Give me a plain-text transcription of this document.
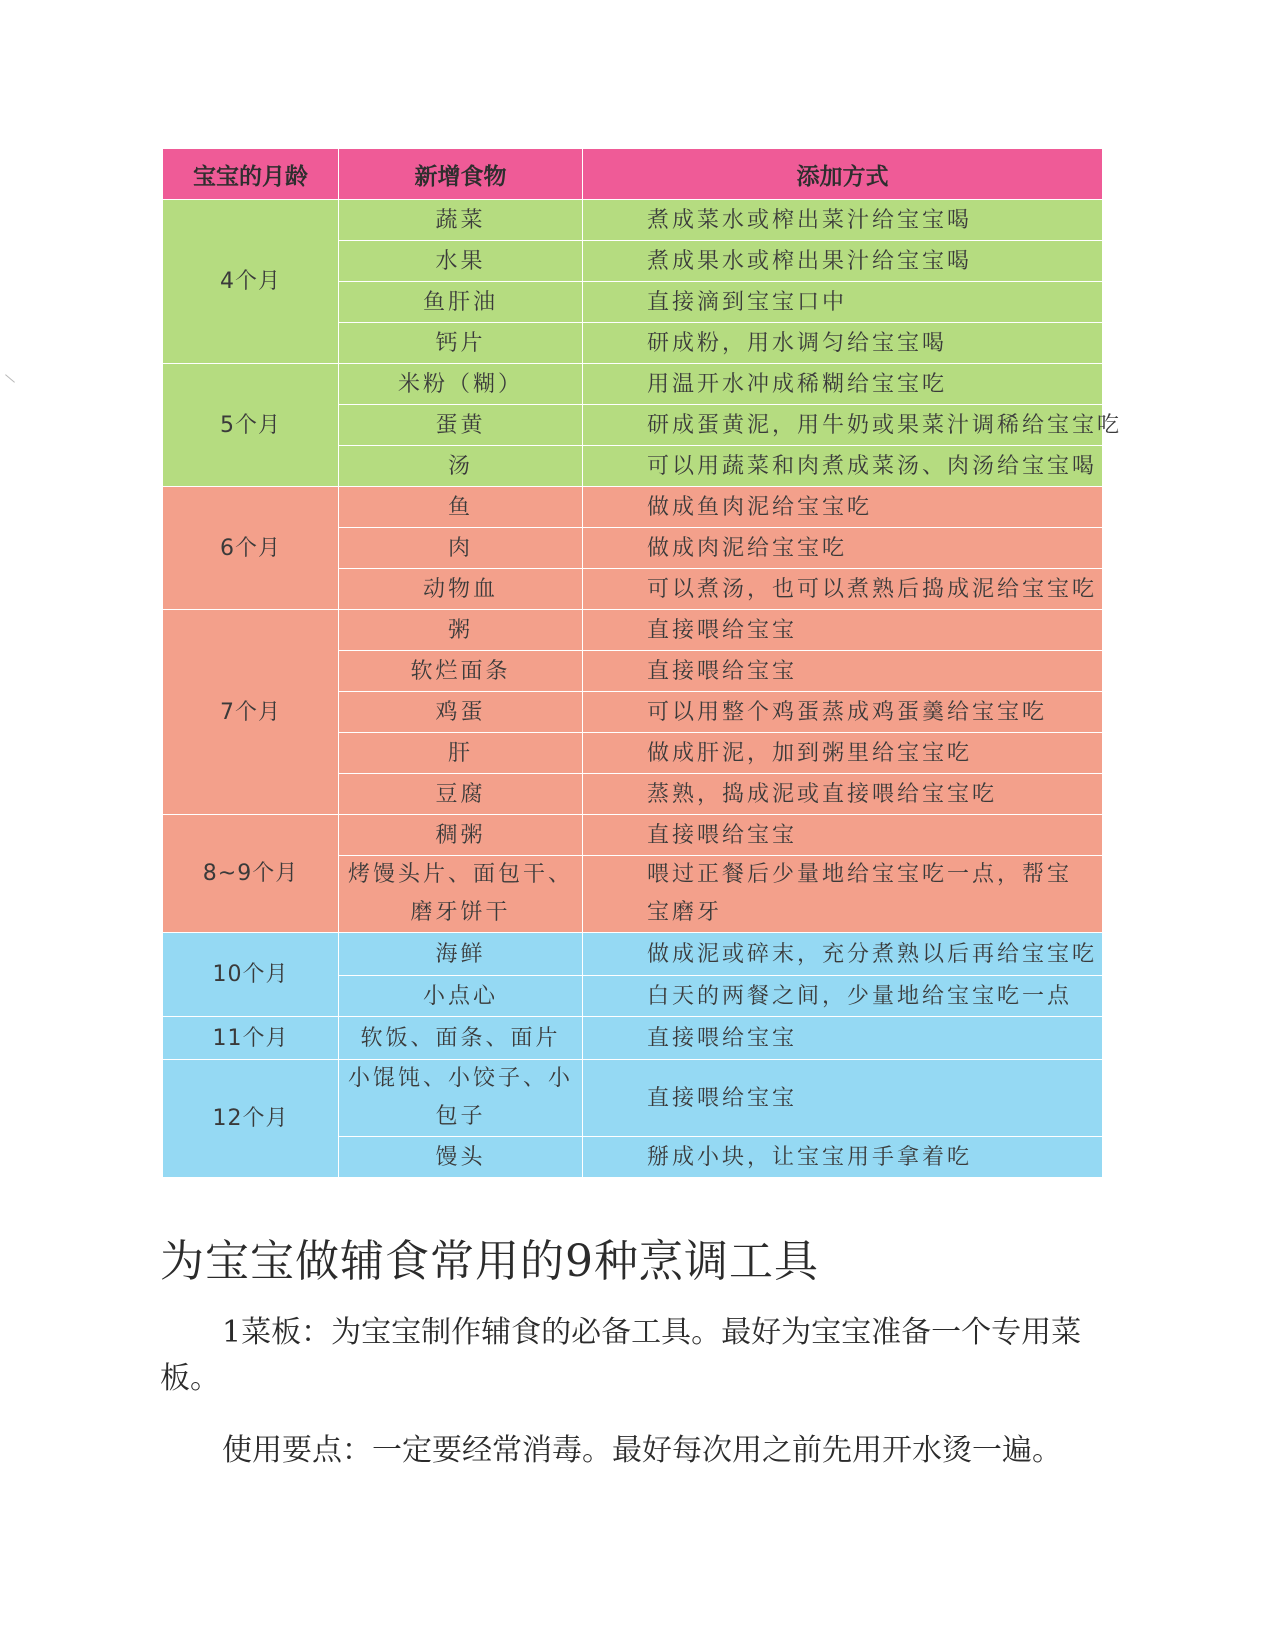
宝宝的月龄	新增食物	添加方式
4个月	蔬菜	煮成菜水或榨出菜汁给宝宝喝
	水果	煮成果水或榨出果汁给宝宝喝
	鱼肝油	直接滴到宝宝口中
	钙片	研成粉，用水调匀给宝宝喝
5个月	米粉（糊）	用温开水冲成稀糊给宝宝吃
	蛋黄	研成蛋黄泥，用牛奶或果菜汁调稀给宝宝吃
	汤	可以用蔬菜和肉煮成菜汤、肉汤给宝宝喝
6个月	鱼	做成鱼肉泥给宝宝吃
	肉	做成肉泥给宝宝吃
	动物血	可以煮汤，也可以煮熟后捣成泥给宝宝吃
7个月	粥	直接喂给宝宝
	软烂面条	直接喂给宝宝
	鸡蛋	可以用整个鸡蛋蒸成鸡蛋羹给宝宝吃
	肝	做成肝泥，加到粥里给宝宝吃
	豆腐	蒸熟，捣成泥或直接喂给宝宝吃
8~9个月	稠粥	直接喂给宝宝
	烤馒头片、面包干、磨牙饼干	喂过正餐后少量地给宝宝吃一点，帮宝宝磨牙
10个月	海鲜	做成泥或碎末，充分煮熟以后再给宝宝吃
	小点心	白天的两餐之间，少量地给宝宝吃一点
11个月	软饭、面条、面片	直接喂给宝宝
12个月	小馄饨、小饺子、小包子	直接喂给宝宝
	馒头	掰成小块，让宝宝用手拿着吃
为宝宝做辅食常用的9种烹调工具

1菜板：为宝宝制作辅食的必备工具。最好为宝宝准备一个专用菜板。

使用要点：一定要经常消毒。最好每次用之前先用开水烫一遍。
